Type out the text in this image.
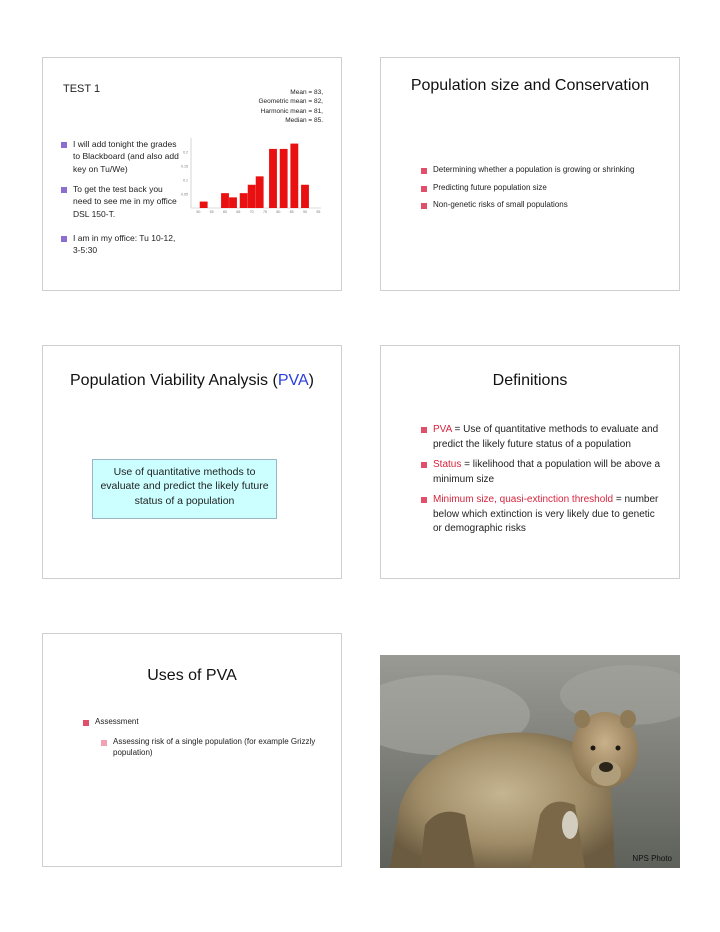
TEST 1	Mean = 83,
Geometric mean = 82,
Harmonic mean = 81,
Median = 85.
I will add tonight the grades to Blackboard (and also add key on Tu/We)
To get the test back you need to see me in my office DSL 150-T.
I am in my office: Tu 10-12, 3-5:30
0.05
0.1
0.15
0.2
50	55	60	65	70	75	80	85	90	95
Population size and Conservation
Determining whether a population is growing or shrinking
Predicting future population size
Non-genetic risks of small populations
Population Viability Analysis (PVA)
Use of quantitative methods to evaluate and predict the likely future status of a population
Definitions
PVA = Use of quantitative methods to evaluate and predict the likely future status of a population
Status = likelihood that a population will be above a minimum size
Minimum size, quasi-extinction threshold = number below which extinction is very likely due to genetic or demographic risks
Uses of PVA
Assessment
Assessing risk of a single population (for example Grizzly population)
NPS Photo
